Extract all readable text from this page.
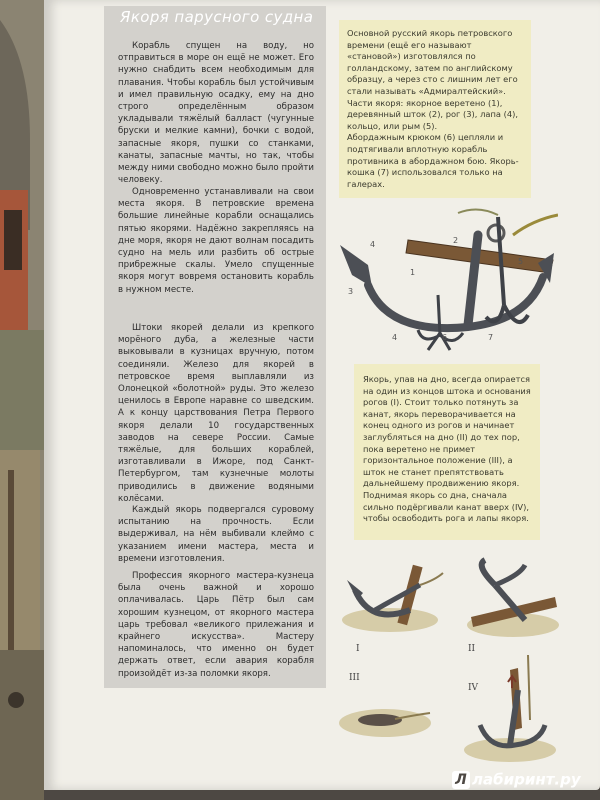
Якоря парусного судна

Корабль спущен на воду, но отправиться в море он ещё не может. Его нужно снабдить всем необходимым для плавания. Чтобы корабль был устойчивым и имел правильную осадку, ему на дно строго определённым образом укладывали тяжёлый балласт (чугунные бруски и мелкие камни), бочки с водой, запасные якоря, пушки со станками, канаты, запасные мачты, но так, чтобы между ними свободно можно было пройти человеку.

Одновременно устанавливали на свои места якоря. В петровские времена большие линейные корабли оснащались пятью якорями. Надёжно закрепляясь на дне моря, якоря не дают волнам посадить судно на мель или разбить об острые прибрежные скалы. Умело спущенные якоря могут вовремя остановить корабль в нужном месте.

Штоки якорей делали из крепкого морёного дуба, а железные части выковывали в кузницах вручную, потом соединяли. Железо для якорей в петровское время выплавляли из Олонецкой «болотной» руды. Это железо ценилось в Европе наравне со шведским. А к концу царствования Петра Первого якоря делали 10 государственных заводов на севере России. Самые тяжёлые, для больших кораблей, изготавливали в Ижоре, под Санкт-Петербургом, там кузнечные молоты приводились в движение водяными колёсами.

Каждый якорь подвергался суровому испытанию на прочность. Если выдерживал, на нём выбивали клеймо с указанием имени мастера, места и времени изготовления.

Профессия якорного мастера-кузнеца была очень важной и хорошо оплачивалась. Царь Пётр был сам хорошим кузнецом, от якорного мастера царь требовал «великого прилежания и крайнего искусства». Мастеру напоминалось, что именно он будет держать ответ, если авария корабля произойдёт из-за поломки якоря.

Основной русский якорь петровского времени (ещё его называют «становой») изготовлялся по голландскому, затем по английскому образцу, а через сто с лишним лет его стали называть «Адмиралтейский».

Части якоря: якорное веретено (1), деревянный шток (2), рог (3), лапа (4), кольцо, или рым (5).

Абордажным крюком (6) цепляли и подтягивали вплотную корабль противника в абордажном бою. Якорь-кошка (7) использовался только на галерах.

4	2
5
1
3
4	6	7

Якорь, упав на дно, всегда опирается на один из концов штока и основания рогов (I). Стоит только потянуть за канат, якорь переворачивается на конец одного из рогов и начинает заглубляться на дно (II) до тех пор, пока веретено не примет горизонтальное положение (III), а шток не станет препятствовать дальнейшему продвижению якоря. Поднимая якорь со дна, сначала сильно подёргивали канат вверх (IV), чтобы освободить рога и лапы якоря.

I	II
III
IV
Л лабиринт.ру
